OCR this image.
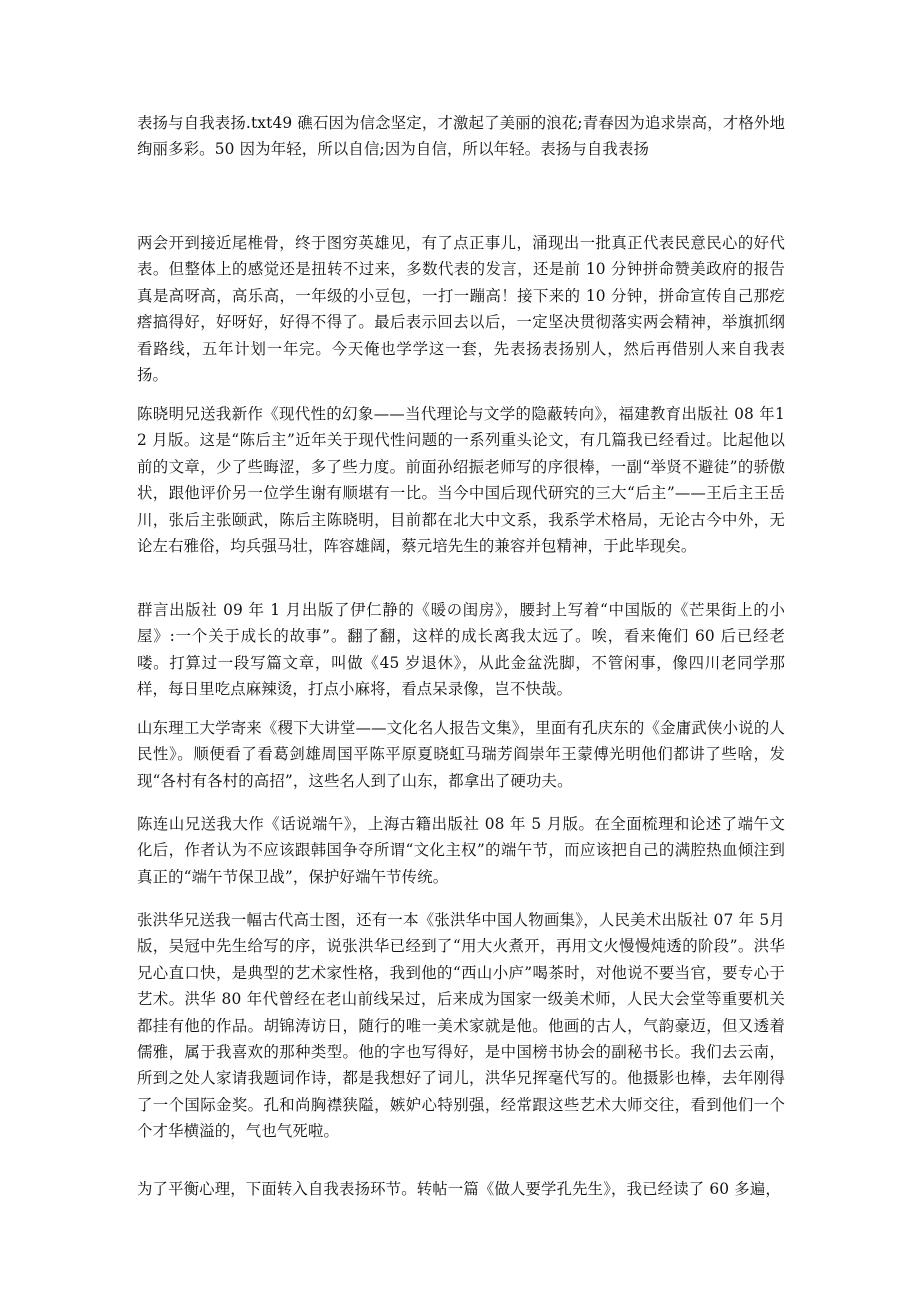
表扬与自我表扬.txt49 礁石因为信念坚定，才激起了美丽的浪花;青春因为追求崇高，才格外地绚丽多彩。50 因为年轻，所以自信;因为自信，所以年轻。表扬与自我表扬

两会开到接近尾椎骨，终于图穷英雄见，有了点正事儿，涌现出一批真正代表民意民心的好代表。但整体上的感觉还是扭转不过来，多数代表的发言，还是前 10 分钟拼命赞美政府的报告真是高呀高，高乐高，一年级的小豆包，一打一蹦高！接下来的 10 分钟，拼命宣传自己那疙瘩搞得好，好呀好，好得不得了。最后表示回去以后，一定坚决贯彻落实两会精神，举旗抓纲看路线，五年计划一年完。今天俺也学学这一套，先表扬表扬别人，然后再借别人来自我表扬。

陈晓明兄送我新作《现代性的幻象——当代理论与文学的隐蔽转向》，福建教育出版社 08 年12 月版。这是“陈后主”近年关于现代性问题的一系列重头论文，有几篇我已经看过。比起他以前的文章，少了些晦涩，多了些力度。前面孙绍振老师写的序很棒，一副“举贤不避徒”的骄傲状，跟他评价另一位学生谢有顺堪有一比。当今中国后现代研究的三大“后主”——王后主王岳川，张后主张颐武，陈后主陈晓明，目前都在北大中文系，我系学术格局，无论古今中外，无论左右雅俗，均兵强马壮，阵容雄阔，蔡元培先生的兼容并包精神，于此毕现矣。

群言出版社 09 年 1 月出版了伊仁静的《暖の闺房》，腰封上写着“中国版的《芒果街上的小屋》:一个关于成长的故事”。翻了翻，这样的成长离我太远了。唉，看来俺们 60 后已经老喽。打算过一段写篇文章，叫做《45 岁退休》，从此金盆洗脚，不管闲事，像四川老同学那样，每日里吃点麻辣烫，打点小麻将，看点呆录像，岂不快哉。

山东理工大学寄来《稷下大讲堂——文化名人报告文集》，里面有孔庆东的《金庸武侠小说的人民性》。顺便看了看葛剑雄周国平陈平原夏晓虹马瑞芳阎崇年王蒙傅光明他们都讲了些啥，发现“各村有各村的高招”，这些名人到了山东，都拿出了硬功夫。

陈连山兄送我大作《话说端午》，上海古籍出版社 08 年 5 月版。在全面梳理和论述了端午文化后，作者认为不应该跟韩国争夺所谓“文化主权”的端午节，而应该把自己的满腔热血倾注到真正的“端午节保卫战”，保护好端午节传统。

张洪华兄送我一幅古代高士图，还有一本《张洪华中国人物画集》，人民美术出版社 07 年 5月版，吴冠中先生给写的序，说张洪华已经到了“用大火煮开，再用文火慢慢炖透的阶段”。洪华兄心直口快，是典型的艺术家性格，我到他的“西山小庐”喝茶时，对他说不要当官，要专心于艺术。洪华 80 年代曾经在老山前线呆过，后来成为国家一级美术师，人民大会堂等重要机关都挂有他的作品。胡锦涛访日，随行的唯一美术家就是他。他画的古人，气韵豪迈，但又透着儒雅，属于我喜欢的那种类型。他的字也写得好，是中国榜书协会的副秘书长。我们去云南，所到之处人家请我题词作诗，都是我想好了词儿，洪华兄挥毫代写的。他摄影也棒，去年刚得了一个国际金奖。孔和尚胸襟狭隘，嫉妒心特别强，经常跟这些艺术大师交往，看到他们一个个才华横溢的，气也气死啦。

为了平衡心理，下面转入自我表扬环节。转帖一篇《做人要学孔先生》，我已经读了 60 多遍，
